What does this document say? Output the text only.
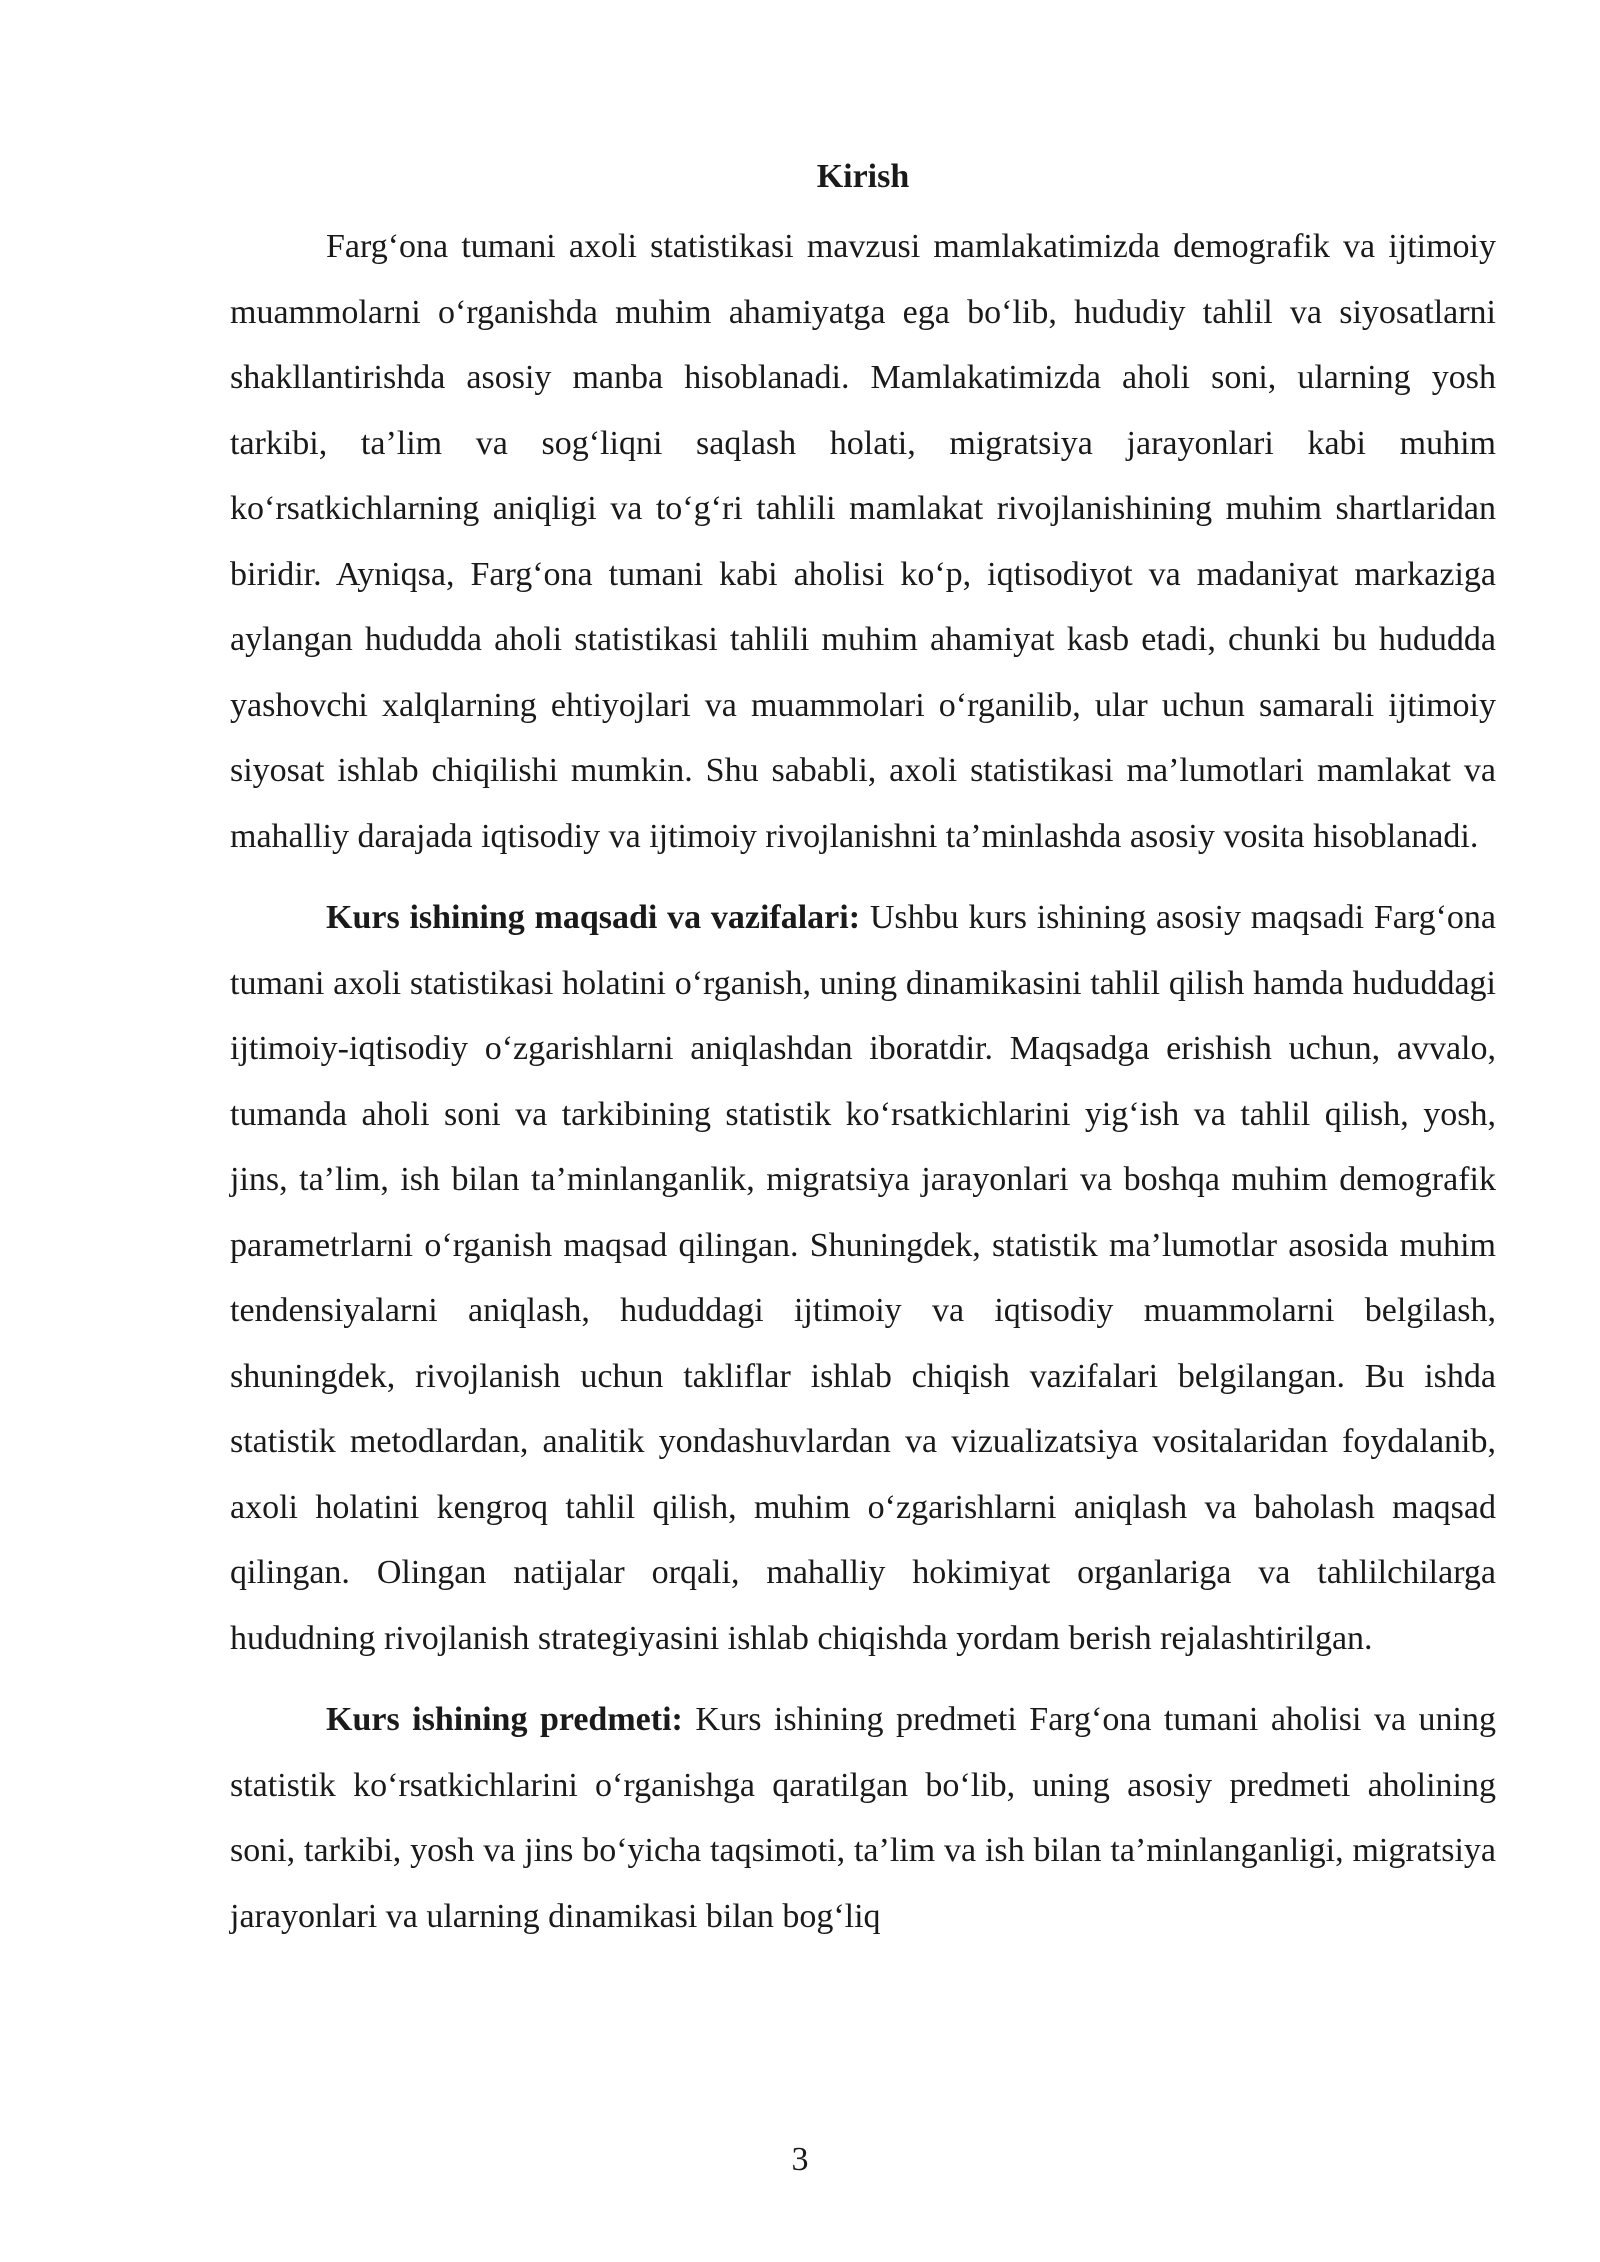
Kirish

Farg‘ona tumani axoli statistikasi mavzusi mamlakatimizda demografik va ijtimoiy muammolarni o‘rganishda muhim ahamiyatga ega bo‘lib, hududiy tahlil va siyosatlarni shakllantirishda asosiy manba hisoblanadi. Mamlakatimizda aholi soni, ularning yosh tarkibi, ta’lim va sog‘liqni saqlash holati, migratsiya jarayonlari kabi muhim ko‘rsatkichlarning aniqligi va to‘g‘ri tahlili mamlakat rivojlanishining muhim shartlaridan biridir. Ayniqsa, Farg‘ona tumani kabi aholisi ko‘p, iqtisodiyot va madaniyat markaziga aylangan hududda aholi statistikasi tahlili muhim ahamiyat kasb etadi, chunki bu hududda yashovchi xalqlarning ehtiyojlari va muammolari o‘rganilib, ular uchun samarali ijtimoiy siyosat ishlab chiqilishi mumkin. Shu sababli, axoli statistikasi ma’lumotlari mamlakat va mahalliy darajada iqtisodiy va ijtimoiy rivojlanishni ta’minlashda asosiy vosita hisoblanadi.

Kurs ishining maqsadi va vazifalari: Ushbu kurs ishining asosiy maqsadi Farg‘ona tumani axoli statistikasi holatini o‘rganish, uning dinamikasini tahlil qilish hamda hududdagi ijtimoiy-iqtisodiy o‘zgarishlarni aniqlashdan iboratdir. Maqsadga erishish uchun, avvalo, tumanda aholi soni va tarkibining statistik ko‘rsatkichlarini yig‘ish va tahlil qilish, yosh, jins, ta’lim, ish bilan ta’minlanganlik, migratsiya jarayonlari va boshqa muhim demografik parametrlarni o‘rganish maqsad qilingan. Shuningdek, statistik ma’lumotlar asosida muhim tendensiyalarni aniqlash, hududdagi ijtimoiy va iqtisodiy muammolarni belgilash, shuningdek, rivojlanish uchun takliflar ishlab chiqish vazifalari belgilangan. Bu ishda statistik metodlardan, analitik yondashuvlardan va vizualizatsiya vositalaridan foydalanib, axoli holatini kengroq tahlil qilish, muhim o‘zgarishlarni aniqlash va baholash maqsad qilingan. Olingan natijalar orqali, mahalliy hokimiyat organlariga va tahlilchilarga hududning rivojlanish strategiyasini ishlab chiqishda yordam berish rejalashtirilgan.

Kurs ishining predmeti: Kurs ishining predmeti Farg‘ona tumani aholisi va uning statistik ko‘rsatkichlarini o‘rganishga qaratilgan bo‘lib, uning asosiy predmeti aholining soni, tarkibi, yosh va jins bo‘yicha taqsimoti, ta’lim va ish bilan ta’minlanganligi, migratsiya jarayonlari va ularning dinamikasi bilan bog‘liq

3
